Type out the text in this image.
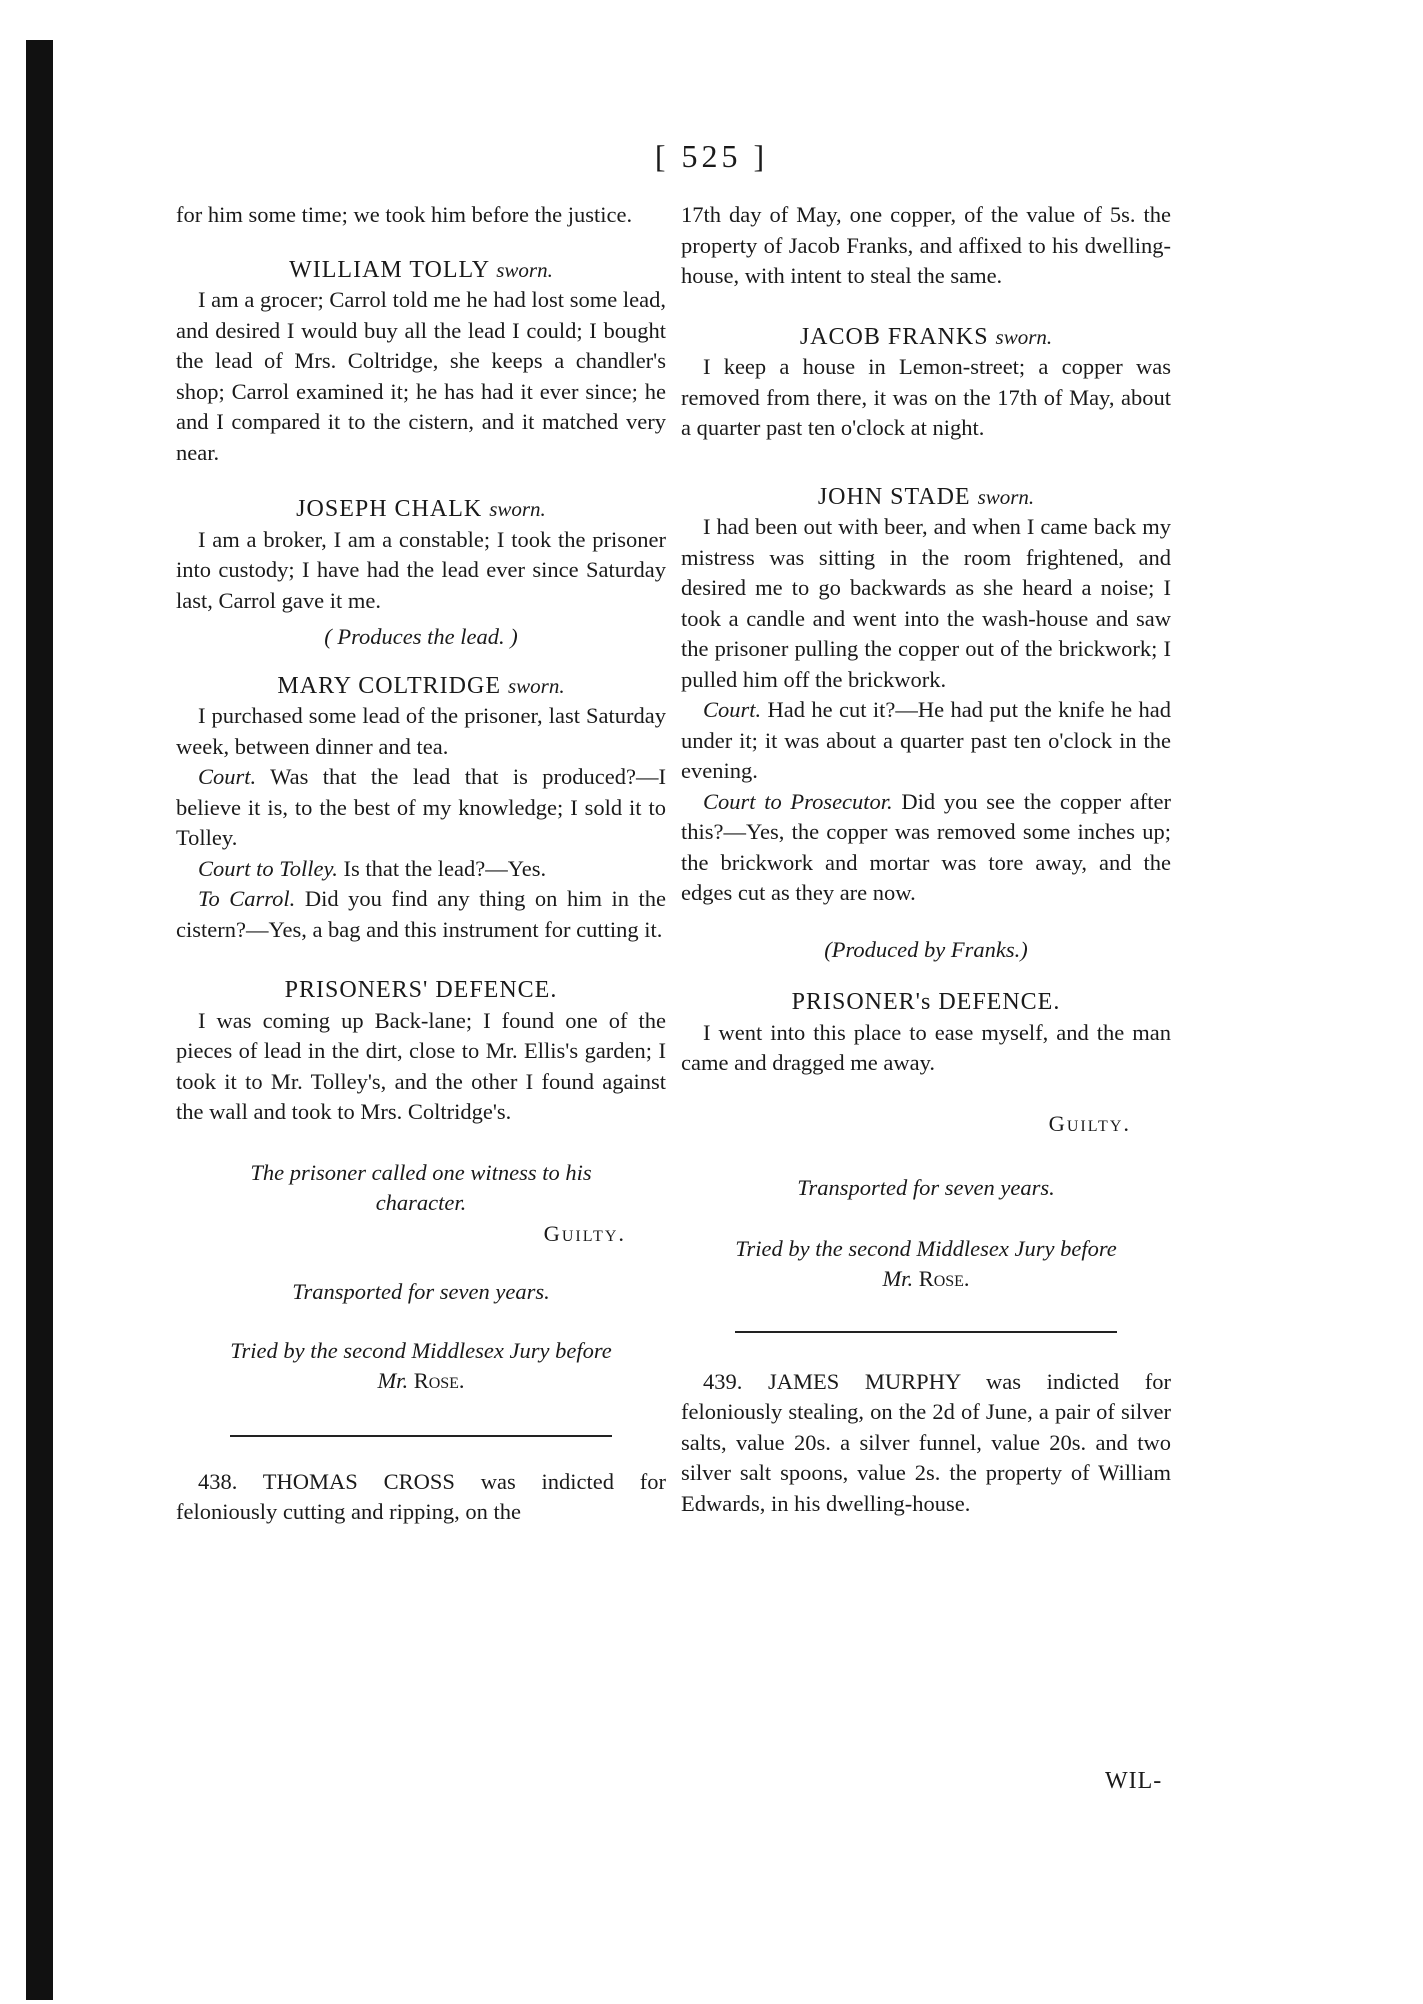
[ 525 ]

for him some time; we took him before the justice.

WILLIAM TOLLY sworn.

I am a grocer; Carrol told me he had lost some lead, and desired I would buy all the lead I could; I bought the lead of Mrs. Coltridge, she keeps a chandler's shop; Carrol examined it; he has had it ever since; he and I compared it to the cistern, and it matched very near.

JOSEPH CHALK sworn.

I am a broker, I am a constable; I took the prisoner into custody; I have had the lead ever since Saturday last, Carrol gave it me.

( Produces the lead. )

MARY COLTRIDGE sworn.

I purchased some lead of the prisoner, last Saturday week, between dinner and tea.

Court. Was that the lead that is produced?—I believe it is, to the best of my knowledge; I sold it to Tolley.

Court to Tolley. Is that the lead?—Yes.

To Carrol. Did you find any thing on him in the cistern?—Yes, a bag and this instrument for cutting it.

PRISONERS' DEFENCE.

I was coming up Back-lane; I found one of the pieces of lead in the dirt, close to Mr. Ellis's garden; I took it to Mr. Tolley's, and the other I found against the wall and took to Mrs. Coltridge's.

The prisoner called one witness to his character.

Guilty.

Transported for seven years.

Tried by the second Middlesex Jury before

Mr. Rose.

438. THOMAS CROSS was indicted for feloniously cutting and ripping, on the

17th day of May, one copper, of the value of 5s. the property of Jacob Franks, and affixed to his dwelling-house, with intent to steal the same.

JACOB FRANKS sworn.

I keep a house in Lemon-street; a copper was removed from there, it was on the 17th of May, about a quarter past ten o'clock at night.

JOHN STADE sworn.

I had been out with beer, and when I came back my mistress was sitting in the room frightened, and desired me to go backwards as she heard a noise; I took a candle and went into the wash-house and saw the prisoner pulling the copper out of the brickwork; I pulled him off the brickwork.

Court. Had he cut it?—He had put the knife he had under it; it was about a quarter past ten o'clock in the evening.

Court to Prosecutor. Did you see the copper after this?—Yes, the copper was removed some inches up; the brickwork and mortar was tore away, and the edges cut as they are now.

(Produced by Franks.)

PRISONER's DEFENCE.

I went into this place to ease myself, and the man came and dragged me away.

Guilty.

Transported for seven years.

Tried by the second Middlesex Jury before

Mr. Rose.

439. JAMES MURPHY was indicted for feloniously stealing, on the 2d of June, a pair of silver salts, value 20s. a silver funnel, value 20s. and two silver salt spoons, value 2s. the property of William Edwards, in his dwelling-house.

WIL-
